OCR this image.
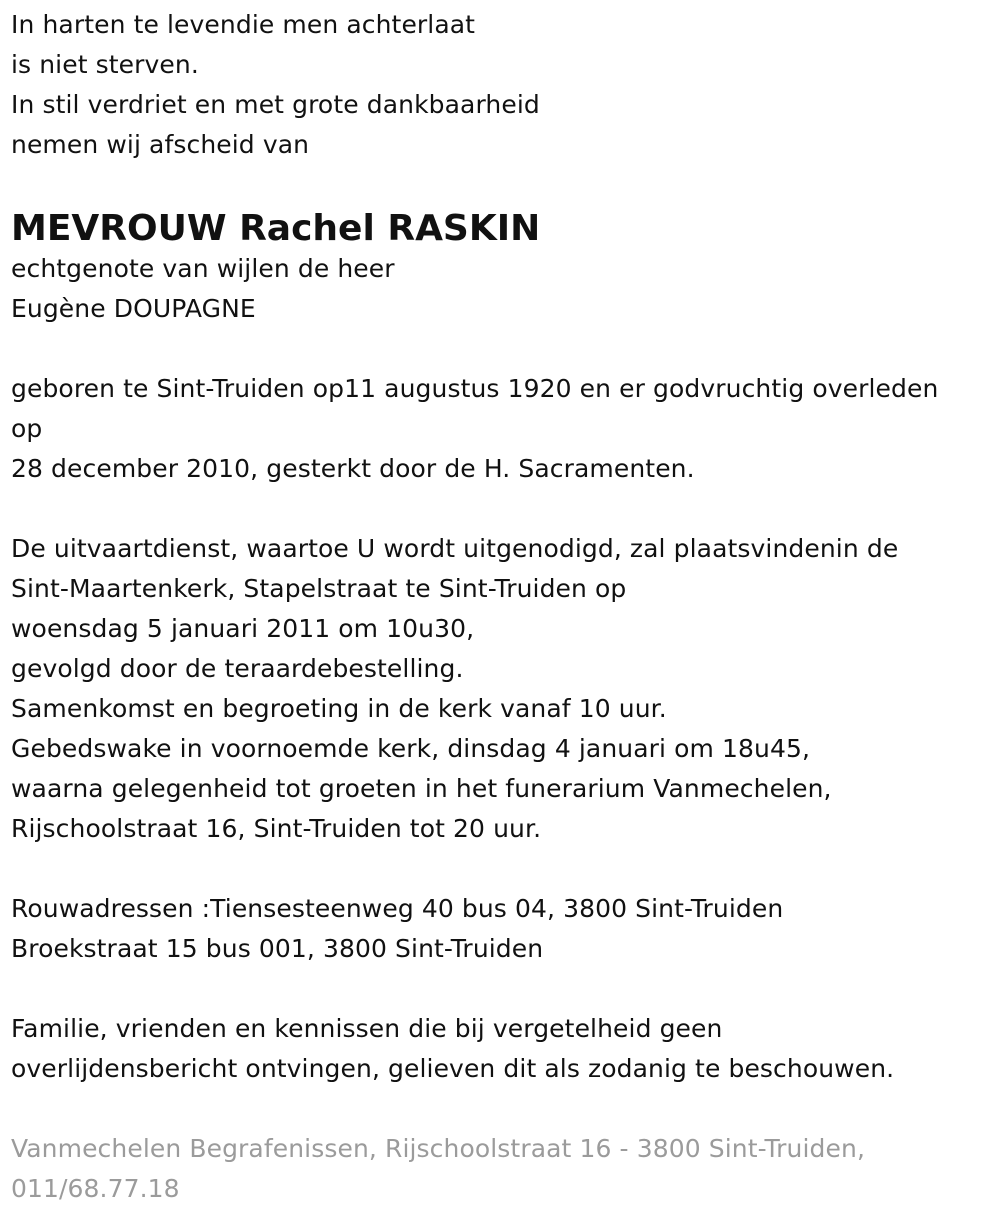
In harten te levendie men achterlaat
is niet sterven.
In stil verdriet en met grote dankbaarheid
nemen wij afscheid van
MEVROUW Rachel RASKIN
echtgenote van wijlen de heer
Eugène DOUPAGNE
geboren te Sint-Truiden op11 augustus 1920 en er godvruchtig overleden
op
28 december 2010, gesterkt door de H. Sacramenten.
De uitvaartdienst, waartoe U wordt uitgenodigd, zal plaatsvindenin de
Sint-Maartenkerk, Stapelstraat te Sint-Truiden op
woensdag 5 januari 2011 om 10u30,
gevolgd door de teraardebestelling.
Samenkomst en begroeting in de kerk vanaf 10 uur.
Gebedswake in voornoemde kerk, dinsdag 4 januari om 18u45,
waarna gelegenheid tot groeten in het funerarium Vanmechelen,
Rijschoolstraat 16, Sint-Truiden tot 20 uur.
Rouwadressen :Tiensesteenweg 40 bus 04, 3800 Sint-Truiden
Broekstraat 15 bus 001, 3800 Sint-Truiden
Familie, vrienden en kennissen die bij vergetelheid geen
overlijdensbericht ontvingen, gelieven dit als zodanig te beschouwen.
Vanmechelen Begrafenissen, Rijschoolstraat 16 - 3800 Sint-Truiden,
011/68.77.18
